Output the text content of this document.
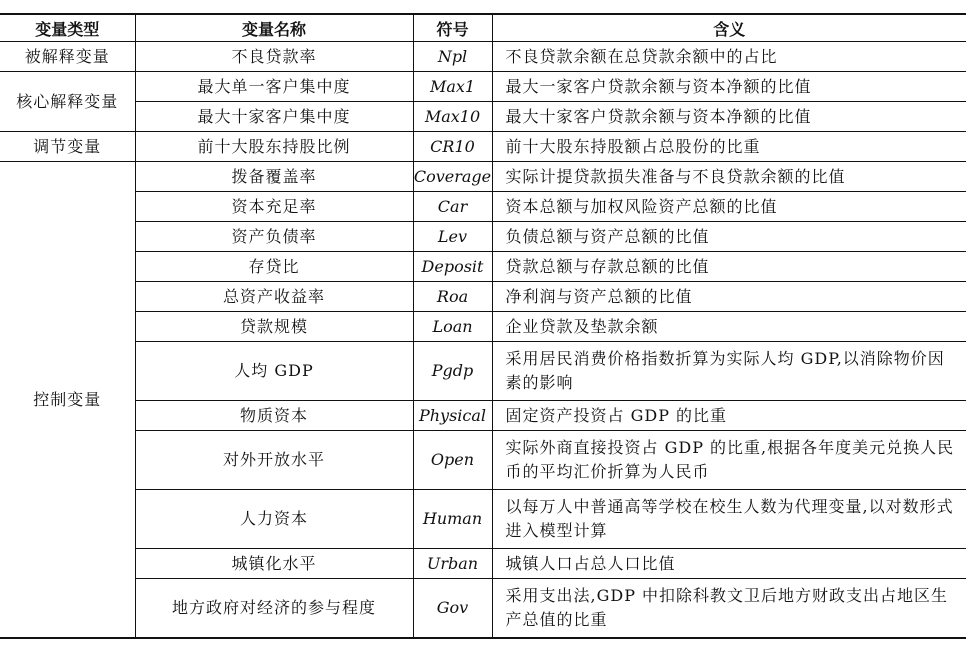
变量类型	变量名称	符号	含义
被解释变量	不良贷款率	Npl	不良贷款余额在总贷款余额中的占比
核心解释变量	最大单一客户集中度	Max1	最大一家客户贷款余额与资本净额的比值
	最大十家客户集中度	Max10	最大十家客户贷款余额与资本净额的比值
调节变量	前十大股东持股比例	CR10	前十大股东持股额占总股份的比重
控制变量	拨备覆盖率	Coverage	实际计提贷款损失准备与不良贷款余额的比值
	资本充足率	Car	资本总额与加权风险资产总额的比值
	资产负债率	Lev	负债总额与资产总额的比值
	存贷比	Deposit	贷款总额与存款总额的比值
	总资产收益率	Roa	净利润与资产总额的比值
	贷款规模	Loan	企业贷款及垫款余额
	人均 GDP	Pgdp	采用居民消费价格指数折算为实际人均 GDP,以消除物价因素的影响
	物质资本	Physical	固定资产投资占 GDP 的比重
	对外开放水平	Open	实际外商直接投资占 GDP 的比重,根据各年度美元兑换人民币的平均汇价折算为人民币
	人力资本	Human	以每万人中普通高等学校在校生人数为代理变量,以对数形式进入模型计算
	城镇化水平	Urban	城镇人口占总人口比值
	地方政府对经济的参与程度	Gov	采用支出法,GDP 中扣除科教文卫后地方财政支出占地区生产总值的比重
